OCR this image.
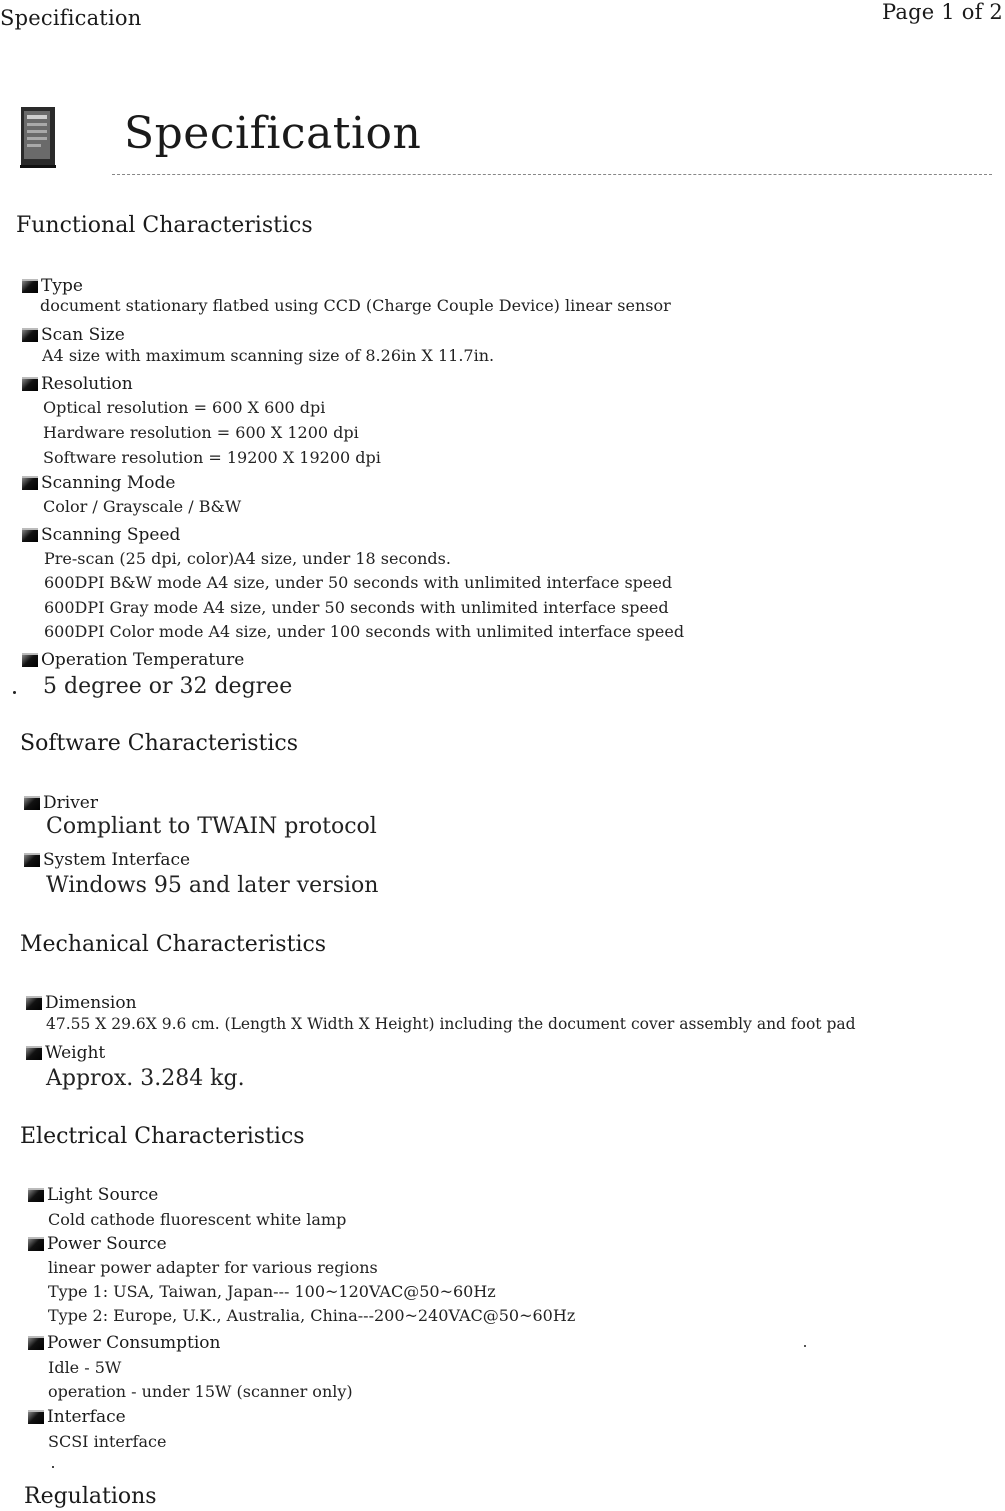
Specification	Page 1 of 2
Specification
Functional Characteristics
Type
document stationary flatbed using CCD (Charge Couple Device) linear sensor
Scan Size
A4 size with maximum scanning size of 8.26in X 11.7in.
Resolution
Optical resolution = 600 X 600 dpi
Hardware resolution = 600 X 1200 dpi
Software resolution = 19200 X 19200 dpi
Scanning Mode
Color / Grayscale / B&W
Scanning Speed
Pre-scan (25 dpi, color)A4 size, under 18 seconds.
600DPI B&W mode A4 size, under 50 seconds with unlimited interface speed
600DPI Gray mode A4 size, under 50 seconds with unlimited interface speed
600DPI Color mode A4 size, under 100 seconds with unlimited interface speed
Operation Temperature
5 degree or 32 degree
Software Characteristics
Driver
Compliant to TWAIN protocol
System Interface
Windows 95 and later version
Mechanical Characteristics
Dimension
47.55 X 29.6X 9.6 cm. (Length X Width X Height) including the document cover assembly and foot pad
Weight
Approx. 3.284 kg.
Electrical Characteristics
Light Source
Cold cathode fluorescent white lamp
Power Source
linear power adapter for various regions
Type 1: USA, Taiwan, Japan--- 100~120VAC@50~60Hz
Type 2: Europe, U.K., Australia, China---200~240VAC@50~60Hz
Power Consumption
Idle - 5W
operation - under 15W (scanner only)
Interface
SCSI interface
Regulations
